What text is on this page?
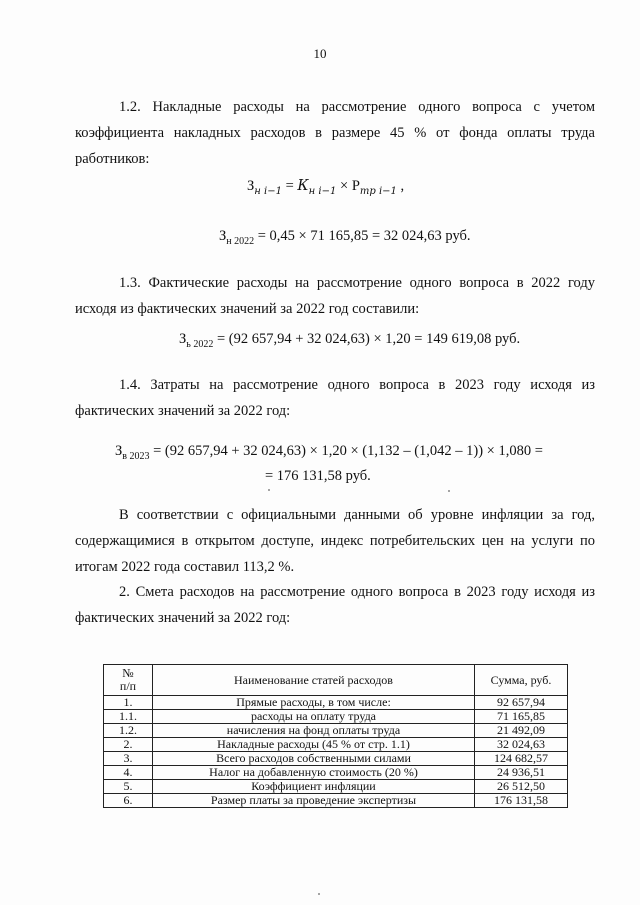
10

1.2. Накладные расходы на рассмотрение одного вопроса с учетом коэффициента накладных расходов в размере 45 % от фонда оплаты труда работников:

$З_{н i-1} = К_{н i-1} \times Р_{тр i-1}$ ,
$З_{н 2022} = 0,45 \times 71$ 165,85 = 32 024,63 руб.

1.3. Фактические расходы на рассмотрение одного вопроса в 2022 году исходя из фактических значений за 2022 год составили:

$З_{ь 2022} = (92$ 657,94 + 32 024,63) × 1,20 = 149 619,08 руб.

1.4. Затраты на рассмотрение одного вопроса в 2023 году исходя из фактических значений за 2022 год:

$З_{в 2023} = (92$ 657,94 + 32 024,63) × 1,20 × (1,132 – (1,042 – 1)) × 1,080 =
= 176 131,58 руб.

В соответствии с официальными данными об уровне инфляции за год, содержащимися в открытом доступе, индекс потребительских цен на услуги по итогам 2022 года составил 113,2 %.

2. Смета расходов на рассмотрение одного вопроса в 2023 году исходя из фактических значений за 2022 год:

№
п/п	Наименование статей расходов	Сумма, руб.
1.	Прямые расходы, в том числе:	92 657,94
1.1.	расходы на оплату труда	71 165,85
1.2.	начисления на фонд оплаты труда	21 492,09
2.	Накладные расходы (45 % от стр. 1.1)	32 024,63
3.	Всего расходов собственными силами	124 682,57
4.	Налог на добавленную стоимость (20 %)	24 936,51
5.	Коэффициент инфляции	26 512,50
6.	Размер платы за проведение экспертизы	176 131,58
